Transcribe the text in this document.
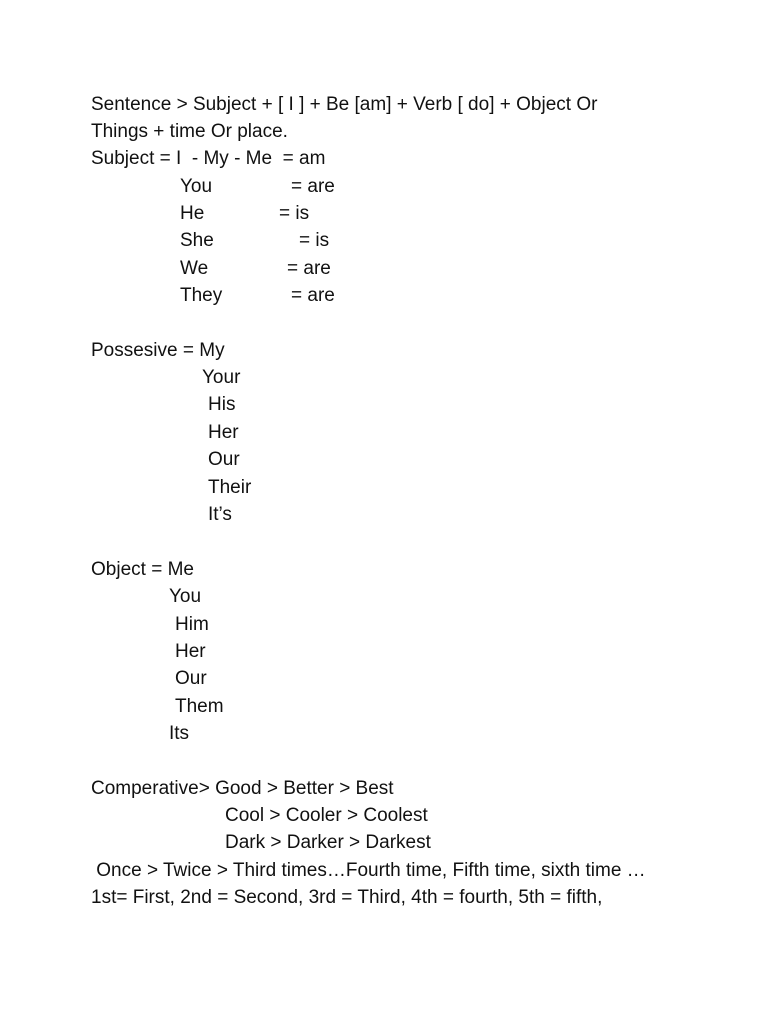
Sentence > Subject + [ I ] + Be [am] + Verb [ do] + Object Or

Things + time Or place.

Subject = I  - My - Me  = am

You	= are

He	= is

She	= is

We	= are

They	= are

Possesive = My

Your

His

Her

Our

Their

It’s

Object = Me

You

Him

Her

Our

Them

Its

Comperative> Good > Better > Best

Cool > Cooler > Coolest

Dark > Darker > Darkest

Once > Twice > Third times…Fourth time, Fifth time, sixth time …

1st= First, 2nd = Second, 3rd = Third, 4th = fourth, 5th = fifth,
